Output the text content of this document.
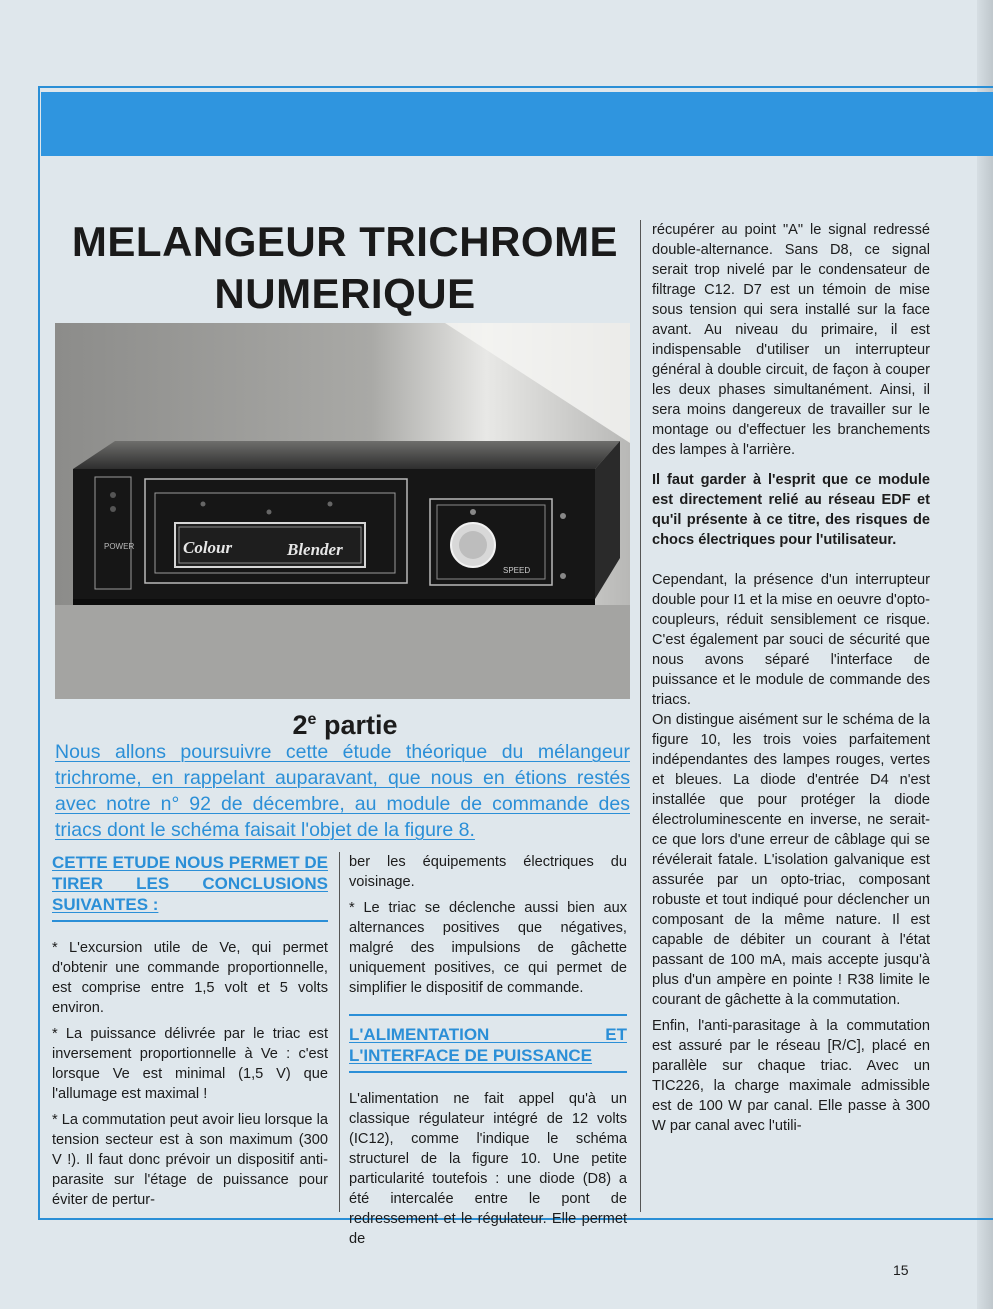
MELANGEUR TRICHROME
NUMERIQUE
POWER	Colour	Blender
SPEED
2e partie
Nous allons poursuivre cette étude théorique du mélangeur trichrome, en rappelant auparavant, que nous en étions restés avec notre n° 92 de décembre, au module de commande des triacs dont le schéma faisait l'objet de la figure 8.
CETTE ETUDE NOUS PERMET DE TIRER LES CONCLUSIONS SUIVANTES :

* L'excursion utile de Ve, qui permet d'obtenir une commande proportionnelle, est comprise entre 1,5 volt et 5 volts environ.

* La puissance délivrée par le triac est inversement proportionnelle à Ve : c'est lorsque Ve est minimal (1,5 V) que l'allumage est maximal !

* La commutation peut avoir lieu lorsque la tension secteur est à son maximum (300 V !). Il faut donc prévoir un dispositif anti-parasite sur l'étage de puissance pour éviter de pertur-

ber les équipements électriques du voisinage.

* Le triac se déclenche aussi bien aux alternances positives que négatives, malgré des impulsions de gâchette uniquement positives, ce qui permet de simplifier le dispositif de commande.

L'ALIMENTATION ET L'INTERFACE DE PUISSANCE

L'alimentation ne fait appel qu'à un classique régulateur intégré de 12 volts (IC12), comme l'indique le schéma structurel de la figure 10. Une petite particularité toutefois : une diode (D8) a été intercalée entre le pont de redressement et le régulateur. Elle permet de

récupérer au point "A" le signal redressé double-alternance. Sans D8, ce signal serait trop nivelé par le condensateur de filtrage C12. D7 est un témoin de mise sous tension qui sera installé sur la face avant. Au niveau du primaire, il est indispensable d'utiliser un interrupteur général à double circuit, de façon à couper les deux phases simultanément. Ainsi, il sera moins dangereux de travailler sur le montage ou d'effectuer les branchements des lampes à l'arrière.

Il faut garder à l'esprit que ce module est directement relié au réseau EDF et qu'il présente à ce titre, des risques de chocs électriques pour l'utilisateur.

Cependant, la présence d'un interrupteur double pour I1 et la mise en oeuvre d'opto-coupleurs, réduit sensiblement ce risque. C'est également par souci de sécurité que nous avons séparé l'interface de puissance et le module de commande des triacs.

On distingue aisément sur le schéma de la figure 10, les trois voies parfaitement indépendantes des lampes rouges, vertes et bleues. La diode d'entrée D4 n'est installée que pour protéger la diode électroluminescente en inverse, ne serait-ce que lors d'une erreur de câblage qui se révélerait fatale. L'isolation galvanique est assurée par un opto-triac, composant robuste et tout indiqué pour déclencher un composant de la même nature. Il est capable de débiter un courant à l'état passant de 100 mA, mais accepte jusqu'à plus d'un ampère en pointe ! R38 limite le courant de gâchette à la commutation.

Enfin, l'anti-parasitage à la commutation est assuré par le réseau [R/C], placé en parallèle sur chaque triac. Avec un TIC226, la charge maximale admissible est de 100 W par canal. Elle passe à 300 W par canal avec l'utili-

15
